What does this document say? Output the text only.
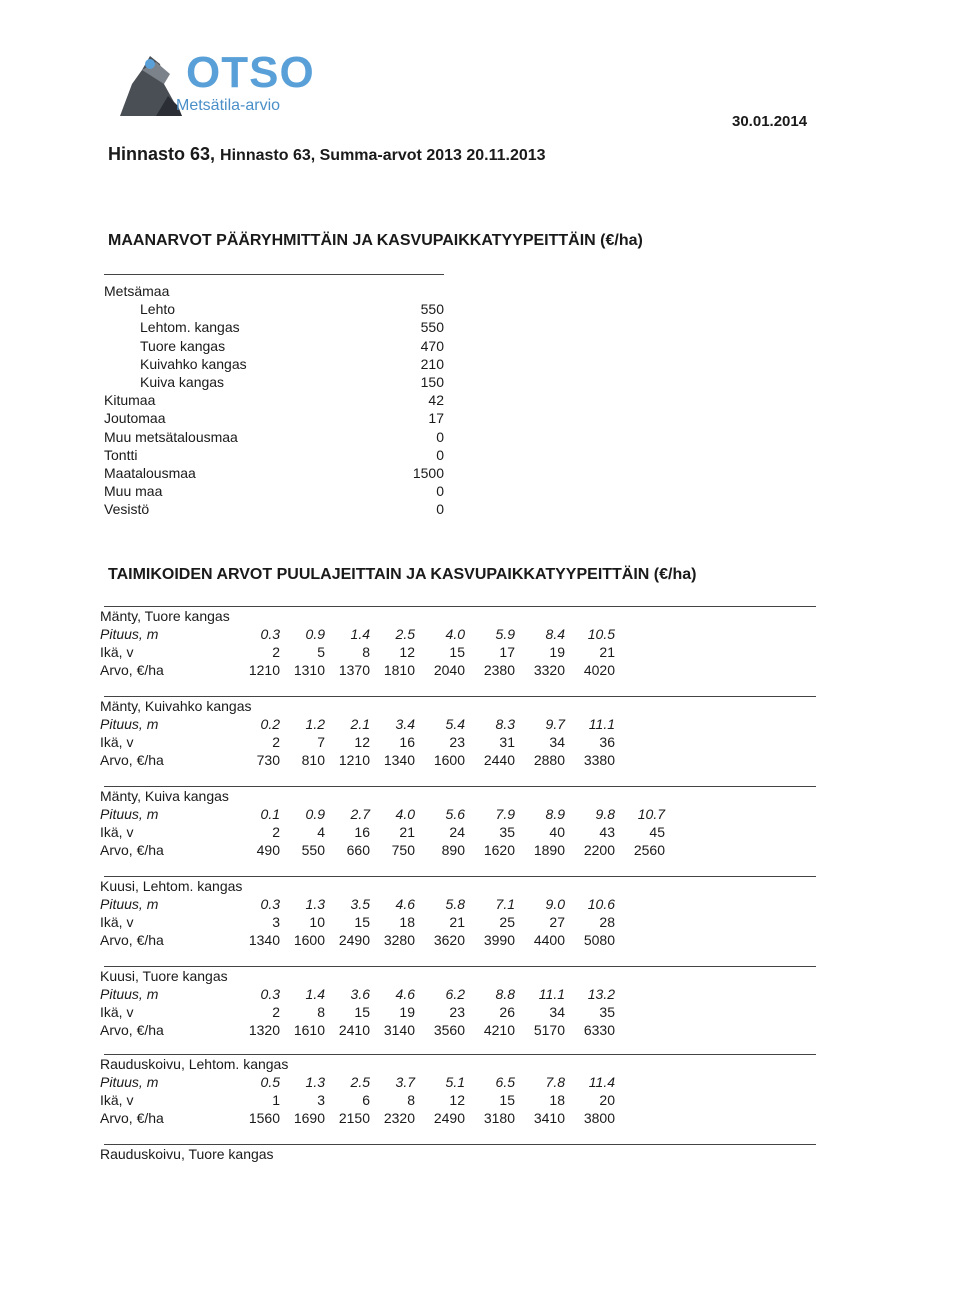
OTSO
Metsätila-arvio
30.01.2014
Hinnasto 63, Hinnasto 63, Summa-arvot 2013 20.11.2013
MAANARVOT PÄÄRYHMITTÄIN JA KASVUPAIKKATYYPEITTÄIN (€/ha)
Metsämaa
Lehto	550
Lehtom. kangas	550
Tuore kangas	470
Kuivahko kangas	210
Kuiva kangas	150
Kitumaa	42
Joutomaa	17
Muu metsätalousmaa	0
Tontti	0
Maatalousmaa	1500
Muu maa	0
Vesistö	0
TAIMIKOIDEN ARVOT PUULAJEITTAIN JA KASVUPAIKKATYYPEITTÄIN (€/ha)
Mänty, Tuore kangas
Pituus, m	0.3	0.9	1.4	2.5	4.0	5.9	8.4	10.5
Ikä, v	2	5	8	12	15	17	19	21
Arvo, €/ha	1210 1310 1370 1810	2040	2380	3320	4020
Mänty, Kuivahko kangas
Pituus, m	0.2	1.2	2.1	3.4	5.4	8.3	9.7	11.1
Ikä, v	2	7	12	16	23	31	34	36
Arvo, €/ha	730	810 1210 1340	1600	2440	2880	3380
Mänty, Kuiva kangas
Pituus, m	0.1	0.9	2.7	4.0	5.6	7.9	8.9	9.8	10.7
Ikä, v	2	4	16	21	24	35	40	43	45
Arvo, €/ha	490	550	660	750	890	1620	1890	2200	2560
Kuusi, Lehtom. kangas
Pituus, m	0.3	1.3	3.5	4.6	5.8	7.1	9.0	10.6
Ikä, v	3	10	15	18	21	25	27	28
Arvo, €/ha	1340 1600 2490 3280	3620	3990	4400	5080
Kuusi, Tuore kangas
Pituus, m	0.3	1.4	3.6	4.6	6.2	8.8	11.1	13.2
Ikä, v	2	8	15	19	23	26	34	35
Arvo, €/ha	1320 1610 2410 3140	3560	4210	5170	6330
Rauduskoivu, Lehtom. kangas
Pituus, m	0.5	1.3	2.5	3.7	5.1	6.5	7.8	11.4
Ikä, v	1	3	6	8	12	15	18	20
Arvo, €/ha	1560 1690 2150 2320	2490	3180	3410	3800
Rauduskoivu, Tuore kangas
